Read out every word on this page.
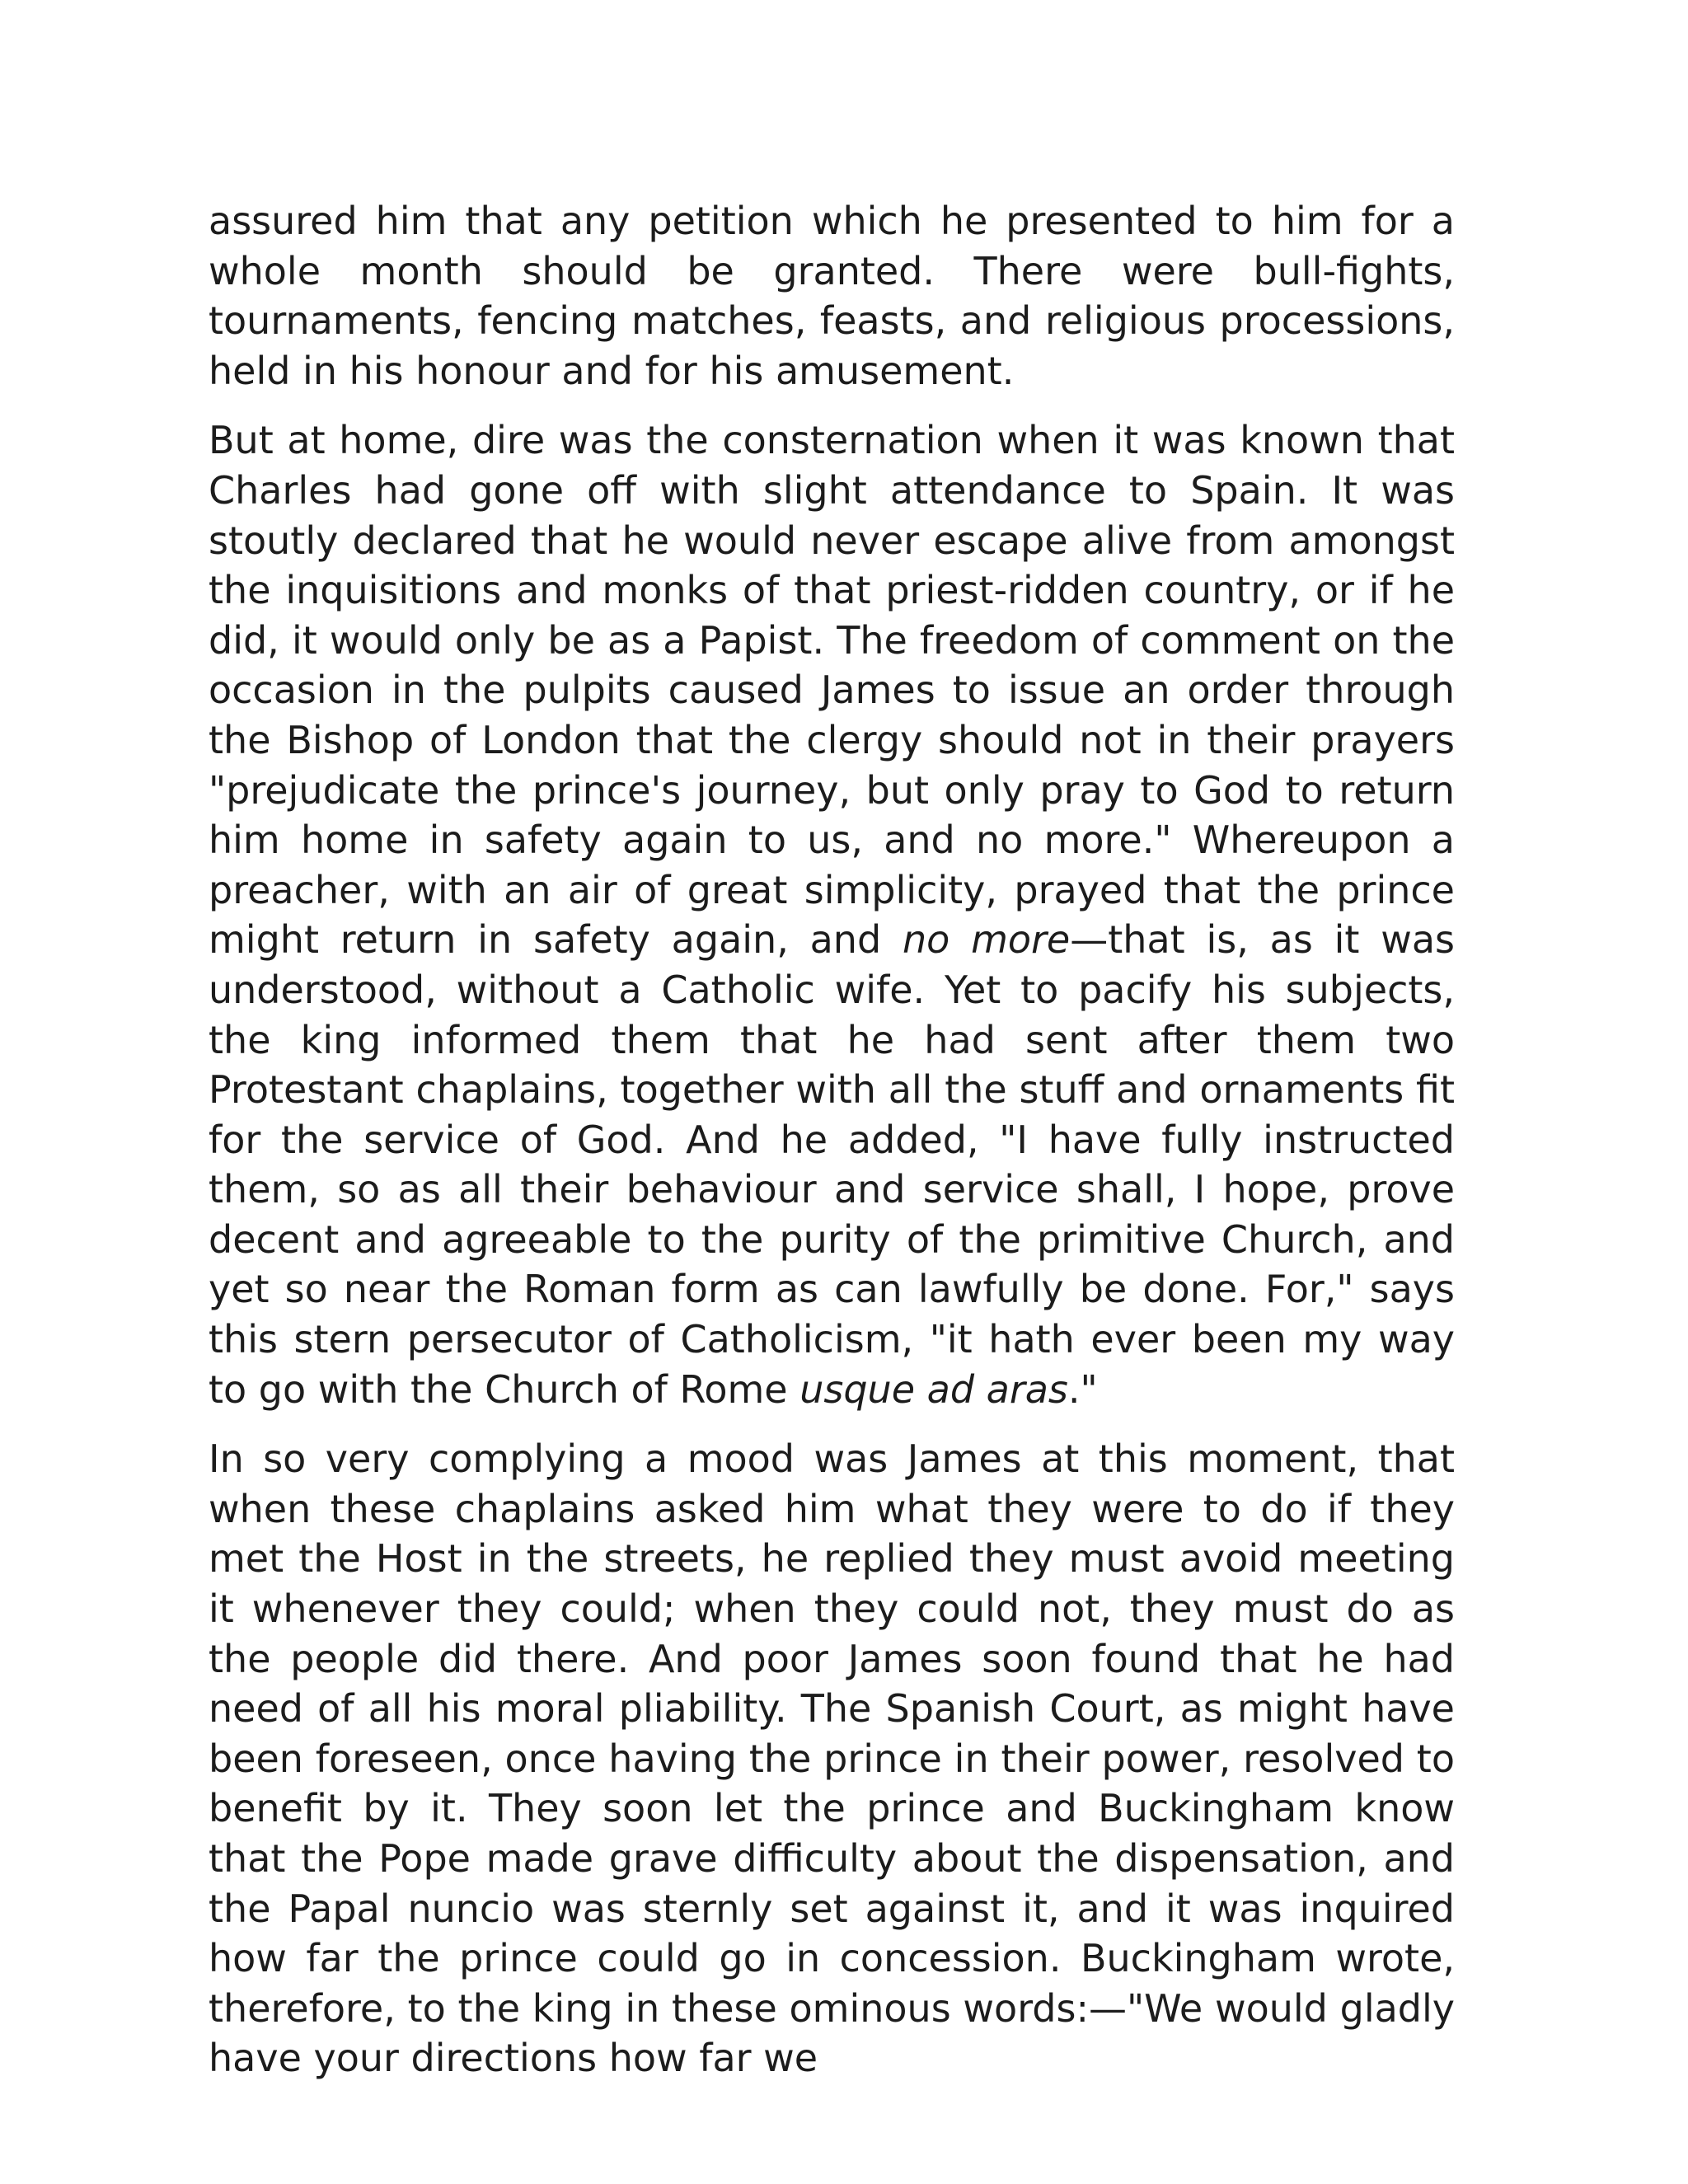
assured him that any petition which he presented to him for a whole month should be granted. There were bull-fights, tournaments, fencing matches, feasts, and religious processions, held in his honour and for his amusement.

But at home, dire was the consternation when it was known that Charles had gone off with slight attendance to Spain. It was stoutly declared that he would never escape alive from amongst the inquisitions and monks of that priest-ridden country, or if he did, it would only be as a Papist. The freedom of comment on the occasion in the pulpits caused James to issue an order through the Bishop of London that the clergy should not in their prayers "prejudicate the prince's journey, but only pray to God to return him home in safety again to us, and no more." Whereupon a preacher, with an air of great simplicity, prayed that the prince might return in safety again, and no more—that is, as it was understood, without a Catholic wife. Yet to pacify his subjects, the king informed them that he had sent after them two Protestant chaplains, together with all the stuff and ornaments fit for the service of God. And he added, "I have fully instructed them, so as all their behaviour and service shall, I hope, prove decent and agreeable to the purity of the primitive Church, and yet so near the Roman form as can lawfully be done. For," says this stern persecutor of Catholicism, "it hath ever been my way to go with the Church of Rome usque ad aras."

In so very complying a mood was James at this moment, that when these chaplains asked him what they were to do if they met the Host in the streets, he replied they must avoid meeting it whenever they could; when they could not, they must do as the people did there. And poor James soon found that he had need of all his moral pliability. The Spanish Court, as might have been foreseen, once having the prince in their power, resolved to benefit by it. They soon let the prince and Buckingham know that the Pope made grave difficulty about the dispensation, and the Papal nuncio was sternly set against it, and it was inquired how far the prince could go in concession. Buckingham wrote, therefore, to the king in these ominous words:—"We would gladly have your directions how far we
